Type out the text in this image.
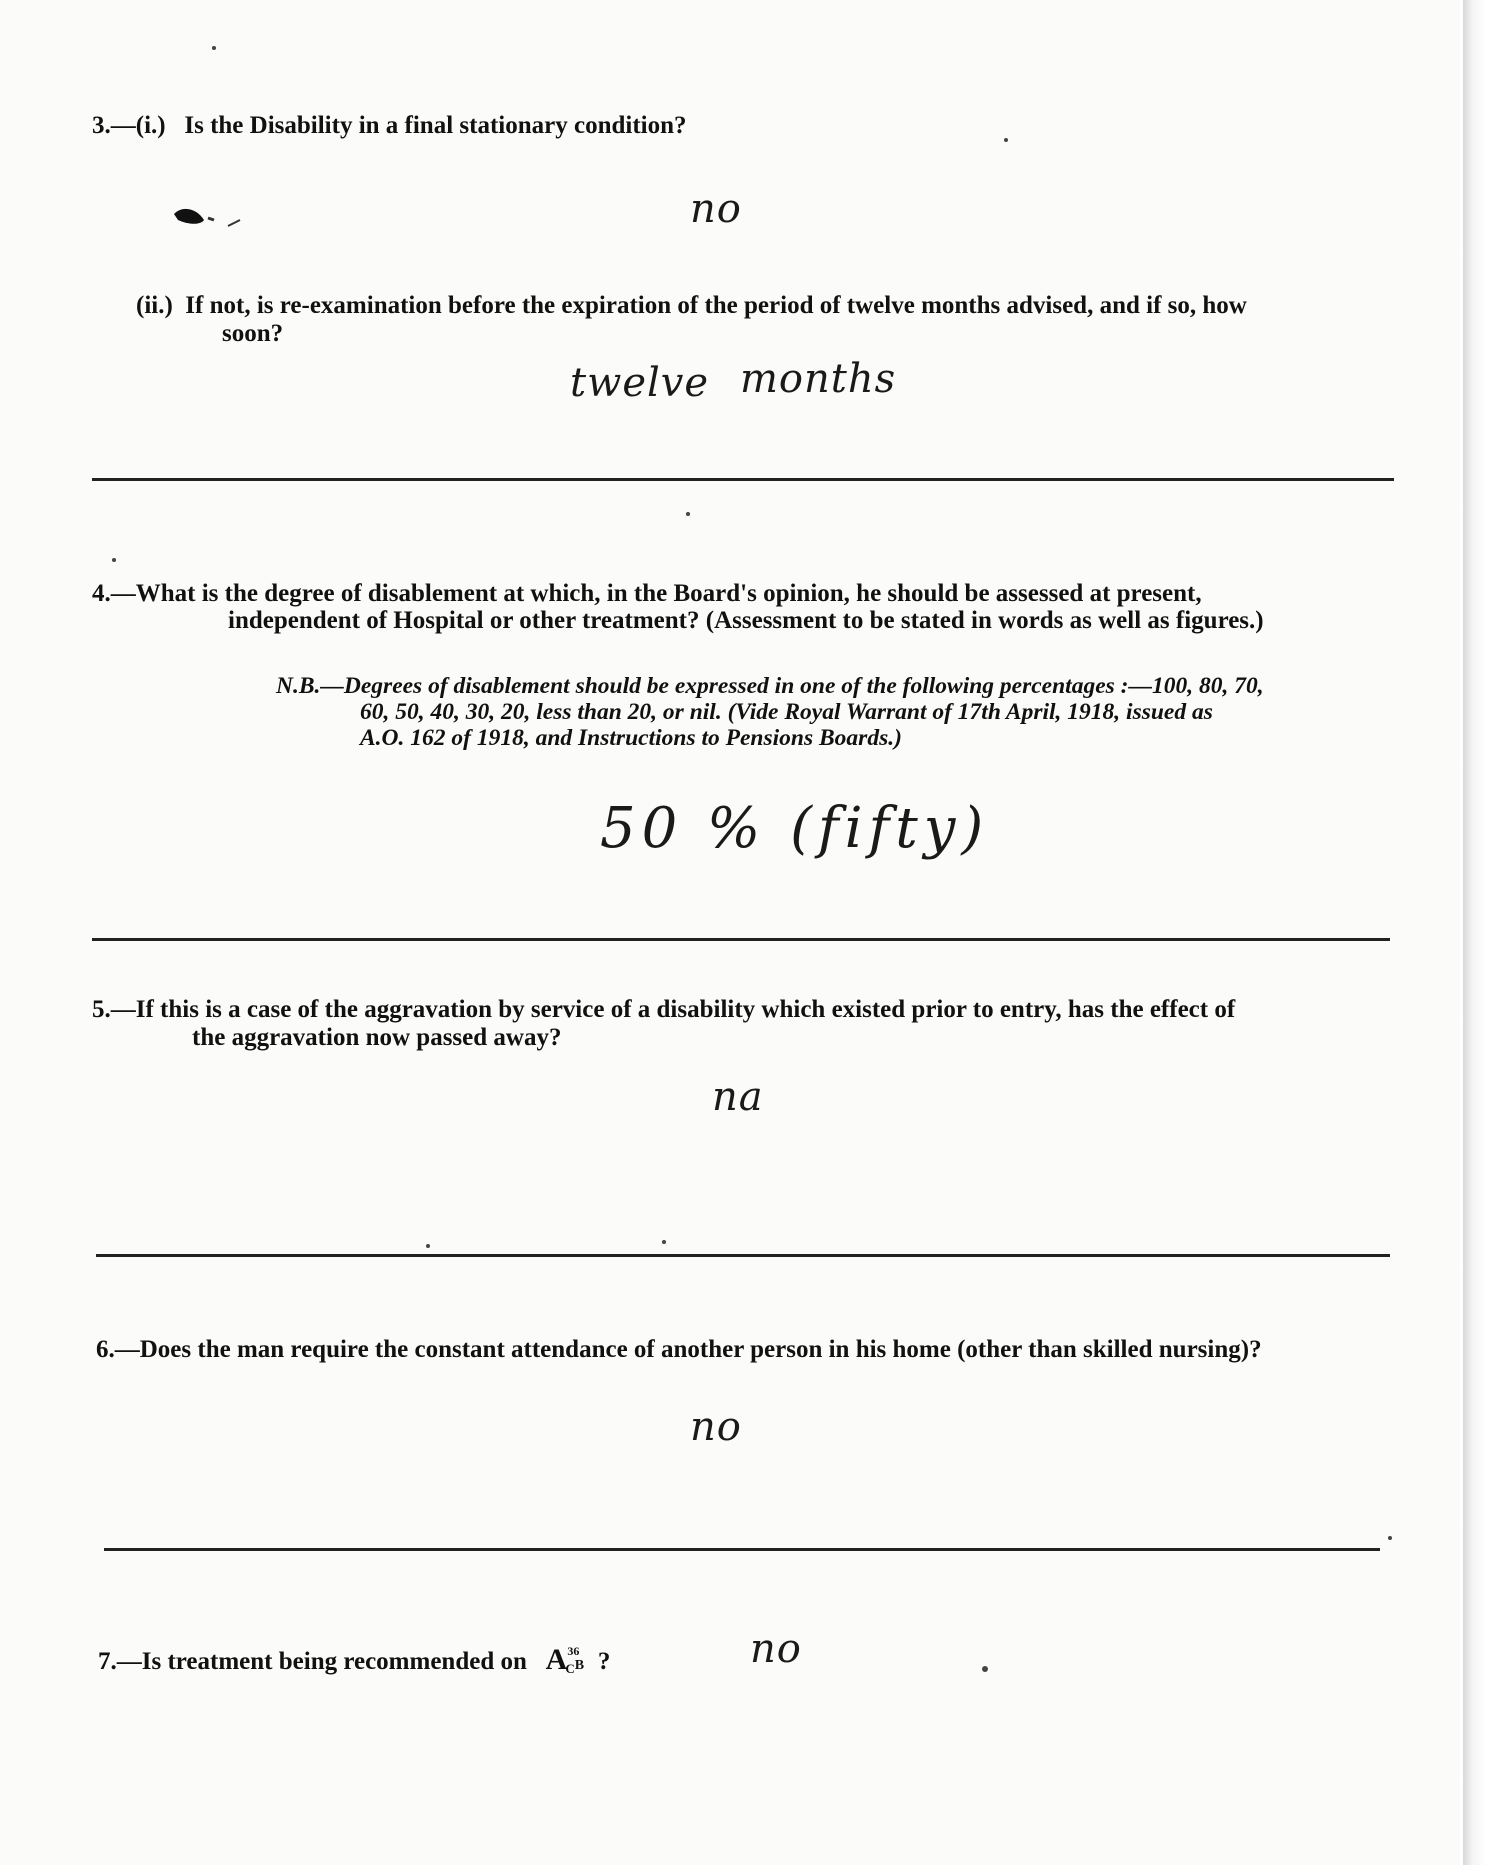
3.—(i.) Is the Disability in a final stationary condition?
no
(ii.) If not, is re-examination before the expiration of the period of twelve months advised, and if so, how
soon?
twelve months
4.—What is the degree of disablement at which, in the Board's opinion, he should be assessed at present,
independent of Hospital or other treatment? (Assessment to be stated in words as well as figures.)
N.B.—Degrees of disablement should be expressed in one of the following percentages :—100, 80, 70,
60, 50, 40, 30, 20, less than 20, or nil. (Vide Royal Warrant of 17th April, 1918, issued as
A.O. 162 of 1918, and Instructions to Pensions Boards.)
50 % (fifty)
5.—If this is a case of the aggravation by service of a disability which existed prior to entry, has the effect of
the aggravation now passed away?
na
6.—Does the man require the constant attendance of another person in his home (other than skilled nursing)?
no
7.—Is treatment being recommended on $A^{36}_CB$ ?	no
